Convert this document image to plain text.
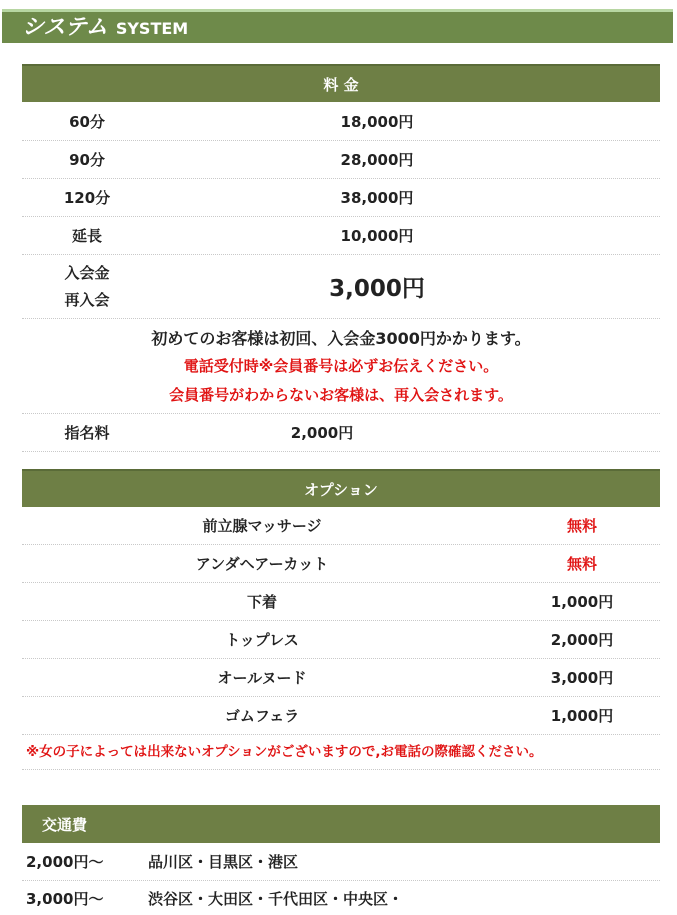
システム SYSTEM
料 金
60分	18,000円
90分	28,000円
120分	38,000円
延長	10,000円
入会金
再入会	3,000円
初めてのお客様は初回、入会金3000円かかります。
電話受付時※会員番号は必ずお伝えください。
会員番号がわからないお客様は、再入会されます。
指名料	2,000円
オプション
前立腺マッサージ	無料
アンダヘアーカット	無料
下着	1,000円
トップレス	2,000円
オールヌード	3,000円
ゴムフェラ	1,000円
※女の子によっては出来ないオプションがございますので,お電話の際確認ください。
交通費
2,000円～	品川区・目黒区・港区
3,000円～	渋谷区・大田区・千代田区・中央区・
